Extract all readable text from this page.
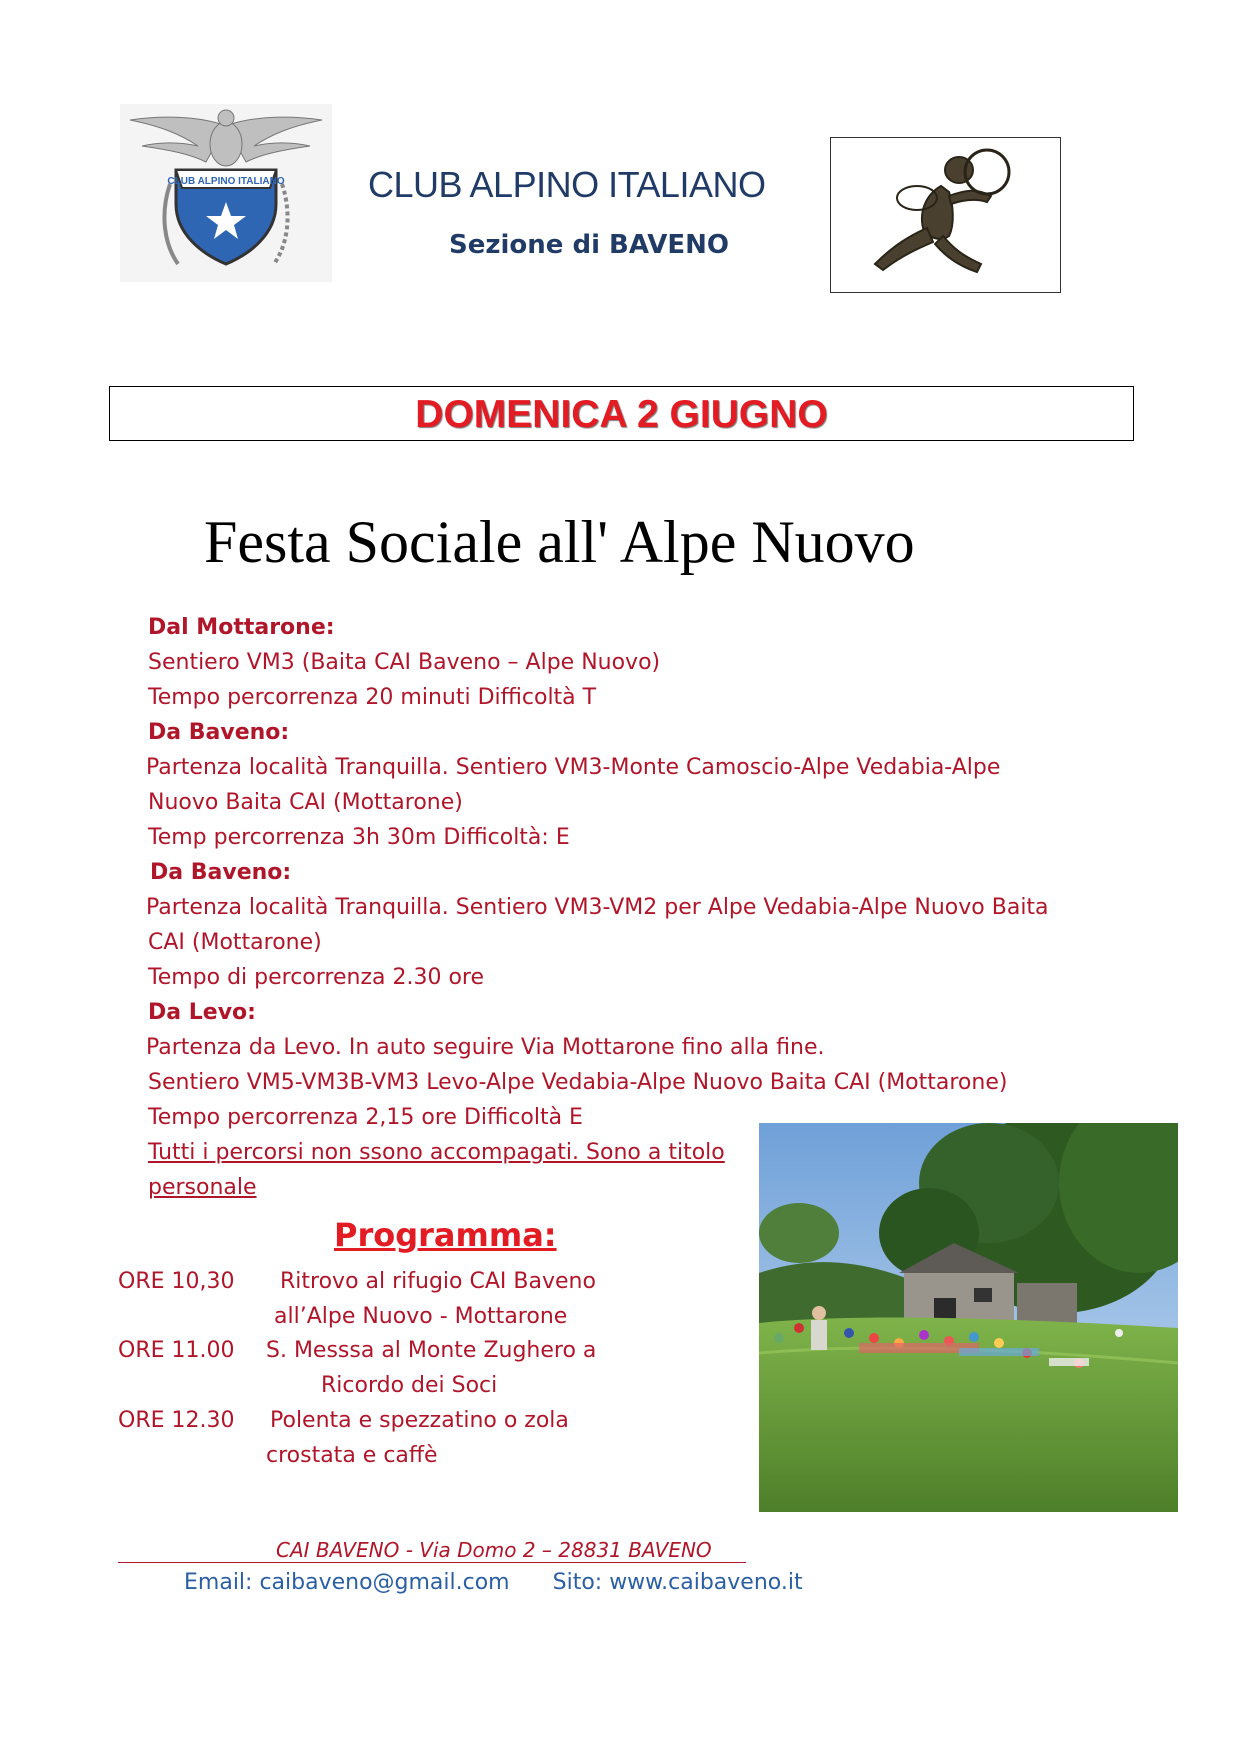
CLUB ALPINO ITALIANO CLUB ALPINO ITALIANO
Sezione di BAVENO
DOMENICA 2 GIUGNO
Festa Sociale all' Alpe Nuovo
Dal Mottarone:
Sentiero VM3 (Baita CAI Baveno – Alpe Nuovo)
Tempo percorrenza 20 minuti Difficoltà T
Da Baveno:
Partenza località Tranquilla. Sentiero VM3-Monte Camoscio-Alpe Vedabia-Alpe
Nuovo Baita CAI (Mottarone)
Temp percorrenza 3h 30m Difficoltà: E
Da Baveno:
Partenza località Tranquilla. Sentiero VM3-VM2 per Alpe Vedabia-Alpe Nuovo Baita
CAI (Mottarone)
Tempo di percorrenza 2.30 ore
Da Levo:
Partenza da Levo. In auto seguire Via Mottarone fino alla fine.
Sentiero VM5-VM3B-VM3 Levo-Alpe Vedabia-Alpe Nuovo Baita CAI (Mottarone)
Tempo percorrenza 2,15 ore Difficoltà E
Tutti i percorsi non ssono accompagati. Sono a titolo
personale
Programma:
ORE 10,30 Ritrovo al rifugio CAI Baveno
all’Alpe Nuovo - Mottarone
ORE 11.00 S. Messsa al Monte Zughero a
Ricordo dei Soci
ORE 12.30 Polenta e spezzatino o zola
crostata e caffè
CAI BAVENO - Via Domo 2 – 28831 BAVENO
Email: caibaveno@gmail.com Sito: www.caibaveno.it
